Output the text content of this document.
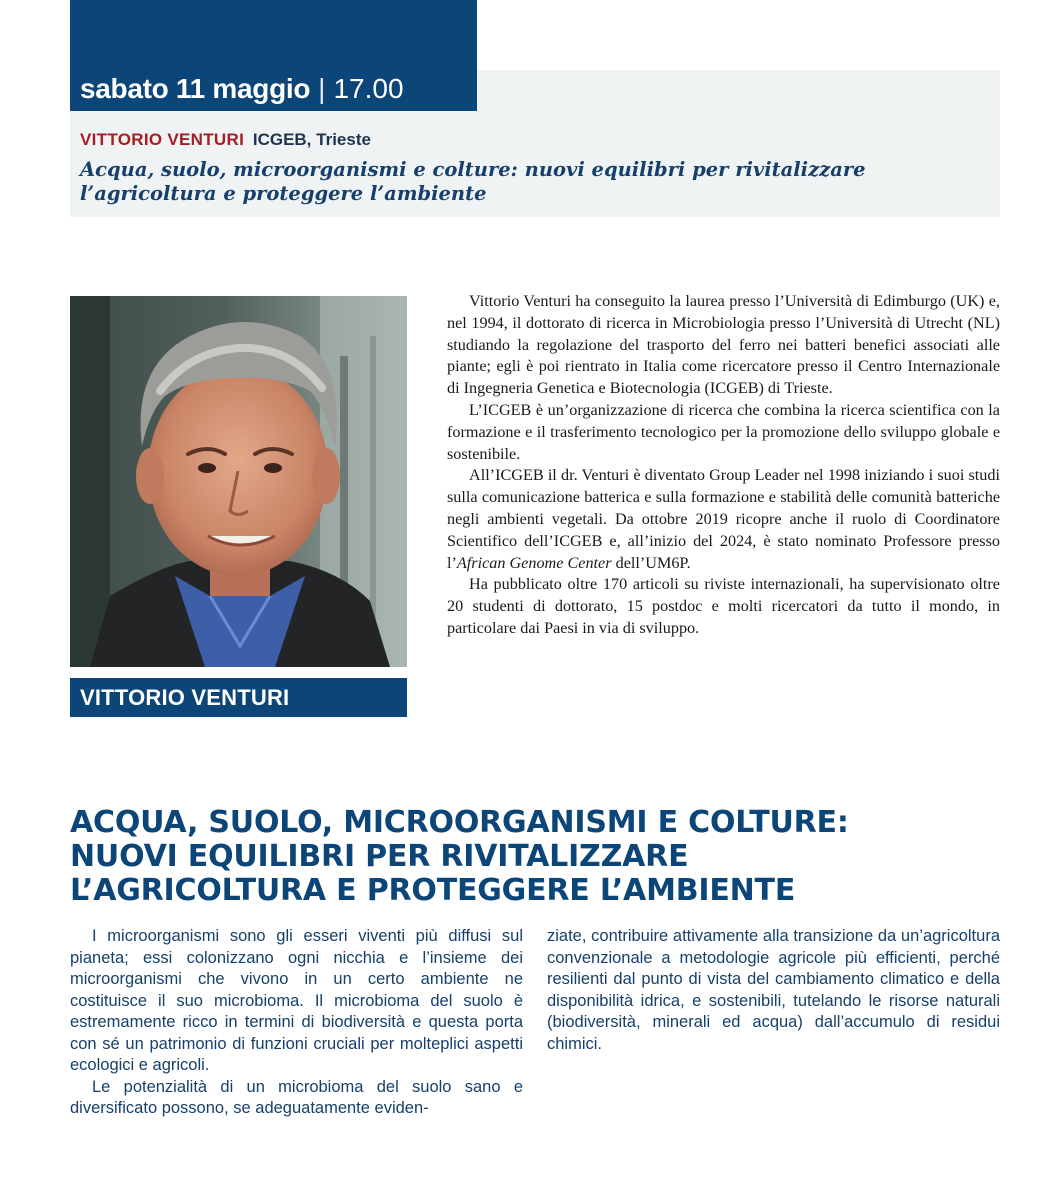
sabato 11 maggio | 17.00
VITTORIO VENTURI ICGEB, Trieste
Acqua, suolo, microorganismi e colture: nuovi equilibri per rivitalizzare l’agricoltura e proteggere l’ambiente
VITTORIO VENTURI

Vittorio Venturi ha conseguito la laurea presso l’Università di Edimburgo (UK) e, nel 1994, il dottorato di ricerca in Microbiologia presso l’Università di Utrecht (NL) studiando la regolazione del trasporto del ferro nei batteri benefici associati alle piante; egli è poi rientrato in Italia come ricercatore presso il Centro Internazionale di Ingegneria Genetica e Biotecnologia (ICGEB) di Trieste.

L’ICGEB è un’organizzazione di ricerca che combina la ricerca scientifica con la formazione e il trasferimento tecnologico per la promozione dello sviluppo globale e sostenibile.

All’ICGEB il dr. Venturi è diventato Group Leader nel 1998 iniziando i suoi studi sulla comunicazione batterica e sulla formazione e stabilità delle comunità batteriche negli ambienti vegetali. Da ottobre 2019 ricopre anche il ruolo di Coordinatore Scientifico dell’ICGEB e, all’inizio del 2024, è stato nominato Professore presso l’African Genome Center dell’UM6P.

Ha pubblicato oltre 170 articoli su riviste internazionali, ha supervisionato oltre 20 studenti di dottorato, 15 postdoc e molti ricercatori da tutto il mondo, in particolare dai Paesi in via di sviluppo.

ACQUA, SUOLO, MICROORGANISMI E COLTURE:
NUOVI EQUILIBRI PER RIVITALIZZARE
L’AGRICOLTURA E PROTEGGERE L’AMBIENTE

I microorganismi sono gli esseri viventi più diffusi sul pianeta; essi colonizzano ogni nicchia e l’insieme dei microorganismi che vivono in un certo ambiente ne costituisce il suo microbioma. Il microbioma del suolo è estremamente ricco in termini di biodiversità e questa porta con sé un patrimonio di funzioni cruciali per molteplici aspetti ecologici e agricoli.

Le potenzialità di un microbioma del suolo sano e diversificato possono, se adeguatamente eviden-

ziate, contribuire attivamente alla transizione da un’agricoltura convenzionale a metodologie agricole più efficienti, perché resilienti dal punto di vista del cambiamento climatico e della disponibilità idrica, e sostenibili, tutelando le risorse naturali (biodiversità, minerali ed acqua) dall’accumulo di residui chimici.
